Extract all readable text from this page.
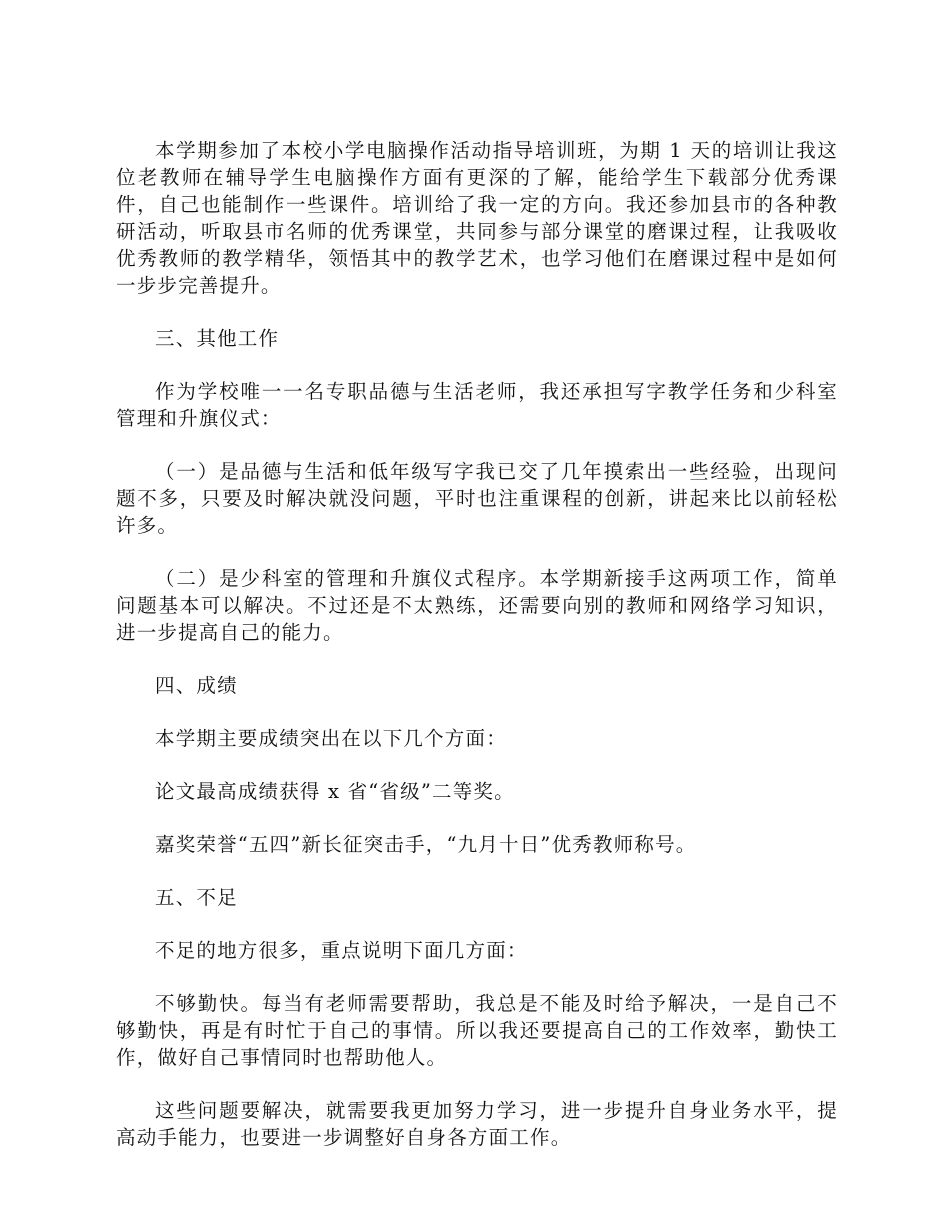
本学期参加了本校小学电脑操作活动指导培训班，为期 1 天的培训让我这位老教师在辅导学生电脑操作方面有更深的了解，能给学生下载部分优秀课件，自己也能制作一些课件。培训给了我一定的方向。我还参加县市的各种教研活动，听取县市名师的优秀课堂，共同参与部分课堂的磨课过程，让我吸收优秀教师的教学精华，领悟其中的教学艺术，也学习他们在磨课过程中是如何一步步完善提升。

三、其他工作

作为学校唯一一名专职品德与生活老师，我还承担写字教学任务和少科室管理和升旗仪式：

（一）是品德与生活和低年级写字我已交了几年摸索出一些经验，出现问题不多，只要及时解决就没问题，平时也注重课程的创新，讲起来比以前轻松许多。

（二）是少科室的管理和升旗仪式程序。本学期新接手这两项工作，简单问题基本可以解决。不过还是不太熟练，还需要向别的教师和网络学习知识，进一步提高自己的能力。

四、成绩

本学期主要成绩突出在以下几个方面：

论文最高成绩获得 x 省“省级”二等奖。

嘉奖荣誉“五四”新长征突击手，“九月十日”优秀教师称号。

五、不足

不足的地方很多，重点说明下面几方面：

不够勤快。每当有老师需要帮助，我总是不能及时给予解决，一是自己不够勤快，再是有时忙于自己的事情。所以我还要提高自己的工作效率，勤快工作，做好自己事情同时也帮助他人。

这些问题要解决，就需要我更加努力学习，进一步提升自身业务水平，提高动手能力，也要进一步调整好自身各方面工作。
